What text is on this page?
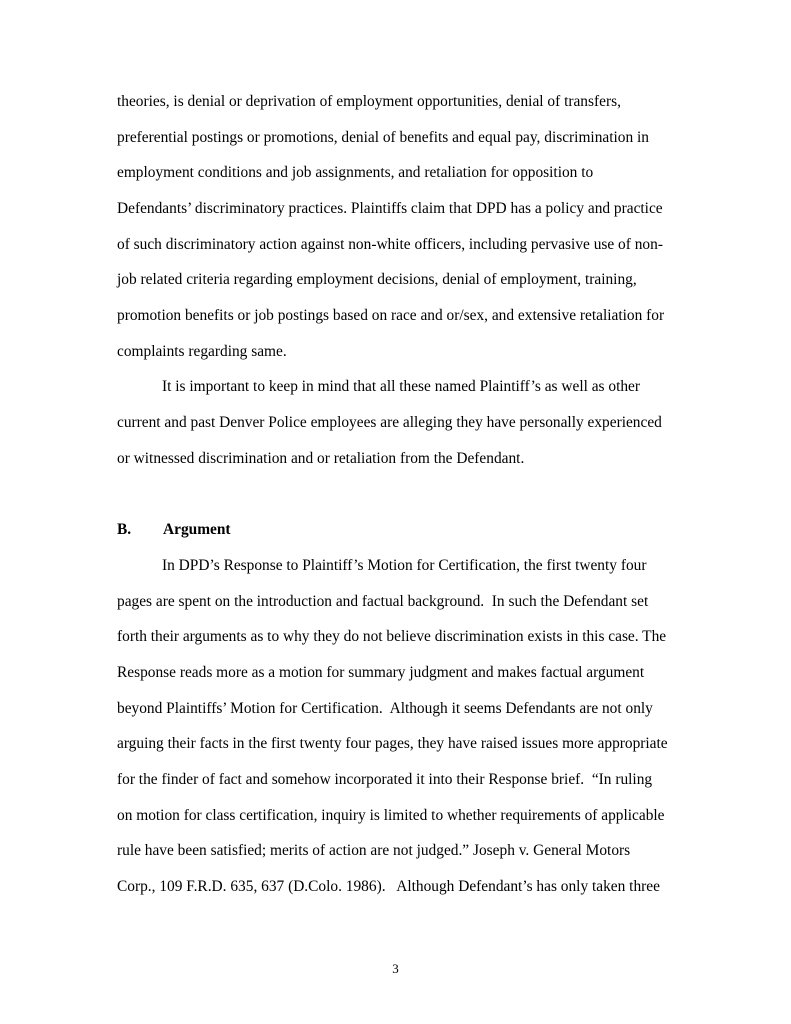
theories, is denial or deprivation of employment opportunities, denial of transfers,
preferential postings or promotions, denial of benefits and equal pay, discrimination in
employment conditions and job assignments, and retaliation for opposition to
Defendants’ discriminatory practices. Plaintiffs claim that DPD has a policy and practice
of such discriminatory action against non-white officers, including pervasive use of non-
job related criteria regarding employment decisions, denial of employment, training,
promotion benefits or job postings based on race and or/sex, and extensive retaliation for
complaints regarding same.
It is important to keep in mind that all these named Plaintiff’s as well as other
current and past Denver Police employees are alleging they have personally experienced
or witnessed discrimination and or retaliation from the Defendant.
B. Argument
In DPD’s Response to Plaintiff’s Motion for Certification, the first twenty four
pages are spent on the introduction and factual background.  In such the Defendant set
forth their arguments as to why they do not believe discrimination exists in this case. The
Response reads more as a motion for summary judgment and makes factual argument
beyond Plaintiffs’ Motion for Certification.  Although it seems Defendants are not only
arguing their facts in the first twenty four pages, they have raised issues more appropriate
for the finder of fact and somehow incorporated it into their Response brief.  “In ruling
on motion for class certification, inquiry is limited to whether requirements of applicable
rule have been satisfied; merits of action are not judged.” Joseph v. General Motors
Corp., 109 F.R.D. 635, 637 (D.Colo. 1986).   Although Defendant’s has only taken three
3
